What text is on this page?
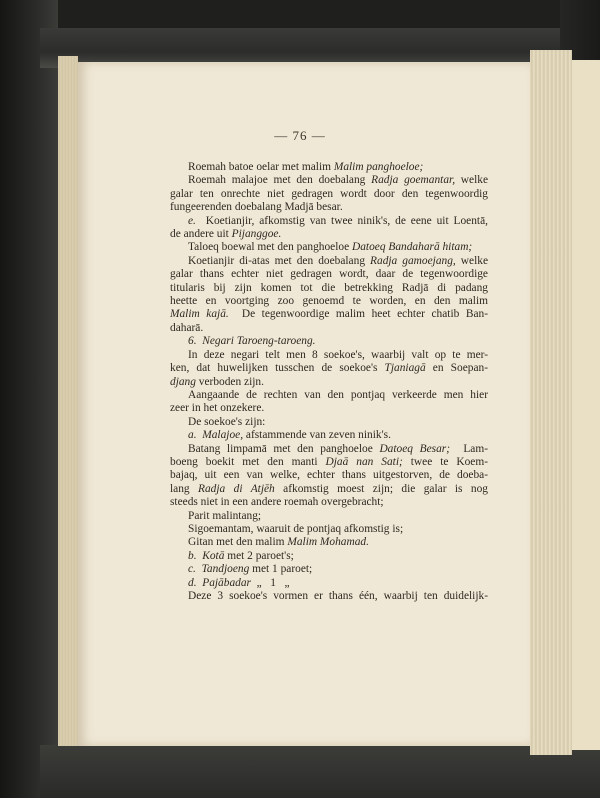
— 76 —
Roemah batoe oelar met malim Malim panghoeloe;
Roemah malajoe met den doebalang Radja goemantar, welke
galar ten onrechte niet gedragen wordt door den tegenwoordig
fungeerenden doebalang Madjā besar.
e.  Koetianjir, afkomstig van twee ninik's, de eene uit Loentā,
de andere uit Pijanggoe.
Taloeq boewal met den panghoeloe Datoeq Bandaharā hitam;
Koetianjir di-atas met den doebalang Radja gamoejang, welke
galar thans echter niet gedragen wordt, daar de tegenwoordige
titularis bij zijn komen tot die betrekking Radjā di padang
heette en voortging zoo genoemd te worden, en den malim
Malim kajā.  De tegenwoordige malim heet echter chatib Ban-
daharā.
6.  Negari Taroeng-taroeng.
In deze negari telt men 8 soekoe's, waarbij valt op te mer-
ken, dat huwelijken tusschen de soekoe's Tjaniagā en Soepan-
djang verboden zijn.
Aangaande de rechten van den pontjaq verkeerde men hier
zeer in het onzekere.
De soekoe's zijn:
a.  Malajoe, afstammende van zeven ninik's.
Batang limpamā met den panghoeloe Datoeq Besar;  Lam-
boeng boekit met den manti Djaā nan Sati; twee te Koem-
bajaq, uit een van welke, echter thans uitgestorven, de doeba-
lang Radja di Atjēh afkomstig moest zijn; die galar is nog
steeds niet in een andere roemah overgebracht;
Parit malintang;
Sigoemantam, waaruit de pontjaq afkomstig is;
Gitan met den malim Malim Mohamad.
b.  Kotā met 2 paroet's;
c.  Tandjoeng met 1 paroet;
d.  Pajābadar  „   1   „
Deze 3 soekoe's vormen er thans één, waarbij ten duidelijk-
